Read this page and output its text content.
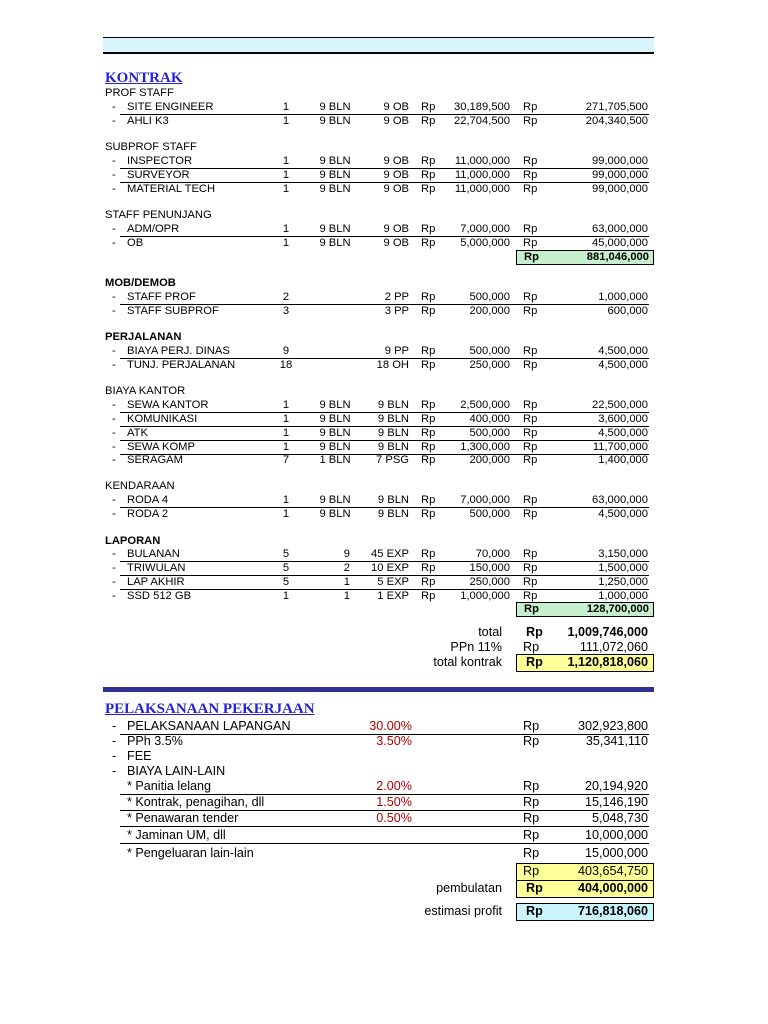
KONTRAK
PROF STAFF
- SITE ENGINEER	1	9 BLN	9 OB Rp	30,189,500 Rp	271,705,500
- AHLI K3	1	9 BLN	9 OB Rp	22,704,500 Rp	204,340,500
SUBPROF STAFF
- INSPECTOR	1	9 BLN	9 OB Rp	11,000,000 Rp	99,000,000
- SURVEYOR	1	9 BLN	9 OB Rp	11,000,000 Rp	99,000,000
- MATERIAL TECH	1	9 BLN	9 OB Rp	11,000,000 Rp	99,000,000
STAFF PENUNJANG
- ADM/OPR	1	9 BLN	9 OB Rp	7,000,000 Rp	63,000,000
- OB	1	9 BLN	9 OB Rp	5,000,000 Rp	45,000,000
Rp	881,046,000
MOB/DEMOB
- STAFF PROF	2	2 PP Rp	500,000 Rp	1,000,000
- STAFF SUBPROF	3	3 PP Rp	200,000 Rp	600,000
PERJALANAN
- BIAYA PERJ. DINAS	9	9 PP Rp	500,000 Rp	4,500,000
- TUNJ. PERJALANAN	18	18 OH Rp	250,000 Rp	4,500,000
BIAYA KANTOR
- SEWA KANTOR	1	9 BLN	9 BLN Rp	2,500,000 Rp	22,500,000
- KOMUNIKASI	1	9 BLN	9 BLN Rp	400,000 Rp	3,600,000
- ATK	1	9 BLN	9 BLN Rp	500,000 Rp	4,500,000
- SEWA KOMP	1	9 BLN	9 BLN Rp	1,300,000 Rp	11,700,000
- SERAGAM	7	1 BLN	7 PSG Rp	200,000 Rp	1,400,000
KENDARAAN
- RODA 4	1	9 BLN	9 BLN Rp	7,000,000 Rp	63,000,000
- RODA 2	1	9 BLN	9 BLN Rp	500,000 Rp	4,500,000
LAPORAN
- BULANAN	5	9	45 EXP Rp	70,000 Rp	3,150,000
- TRIWULAN	5	2	10 EXP Rp	150,000 Rp	1,500,000
- LAP AKHIR	5	1	5 EXP Rp	250,000 Rp	1,250,000
- SSD 512 GB	1	1	1 EXP Rp	1,000,000 Rp	1,000,000
Rp	128,700,000
total Rp	1,009,746,000
PPn 11% Rp	111,072,060
total kontrak Rp	1,120,818,060
PELAKSANAAN PEKERJAAN
- PELAKSANAAN LAPANGAN	30.00%	Rp	302,923,800
- PPh 3.5%	3.50%	Rp	35,341,110
- FEE
- BIAYA LAIN-LAIN
* Panitia lelang	2.00%	Rp	20,194,920
* Kontrak, penagihan, dll	1.50%	Rp	15,146,190
* Penawaran tender	0.50%	Rp	5,048,730
* Jaminan UM, dll	Rp	10,000,000
* Pengeluaran lain-lain	Rp	15,000,000
Rp	403,654,750
pembulatan Rp	404,000,000
estimasi profit Rp	716,818,060
